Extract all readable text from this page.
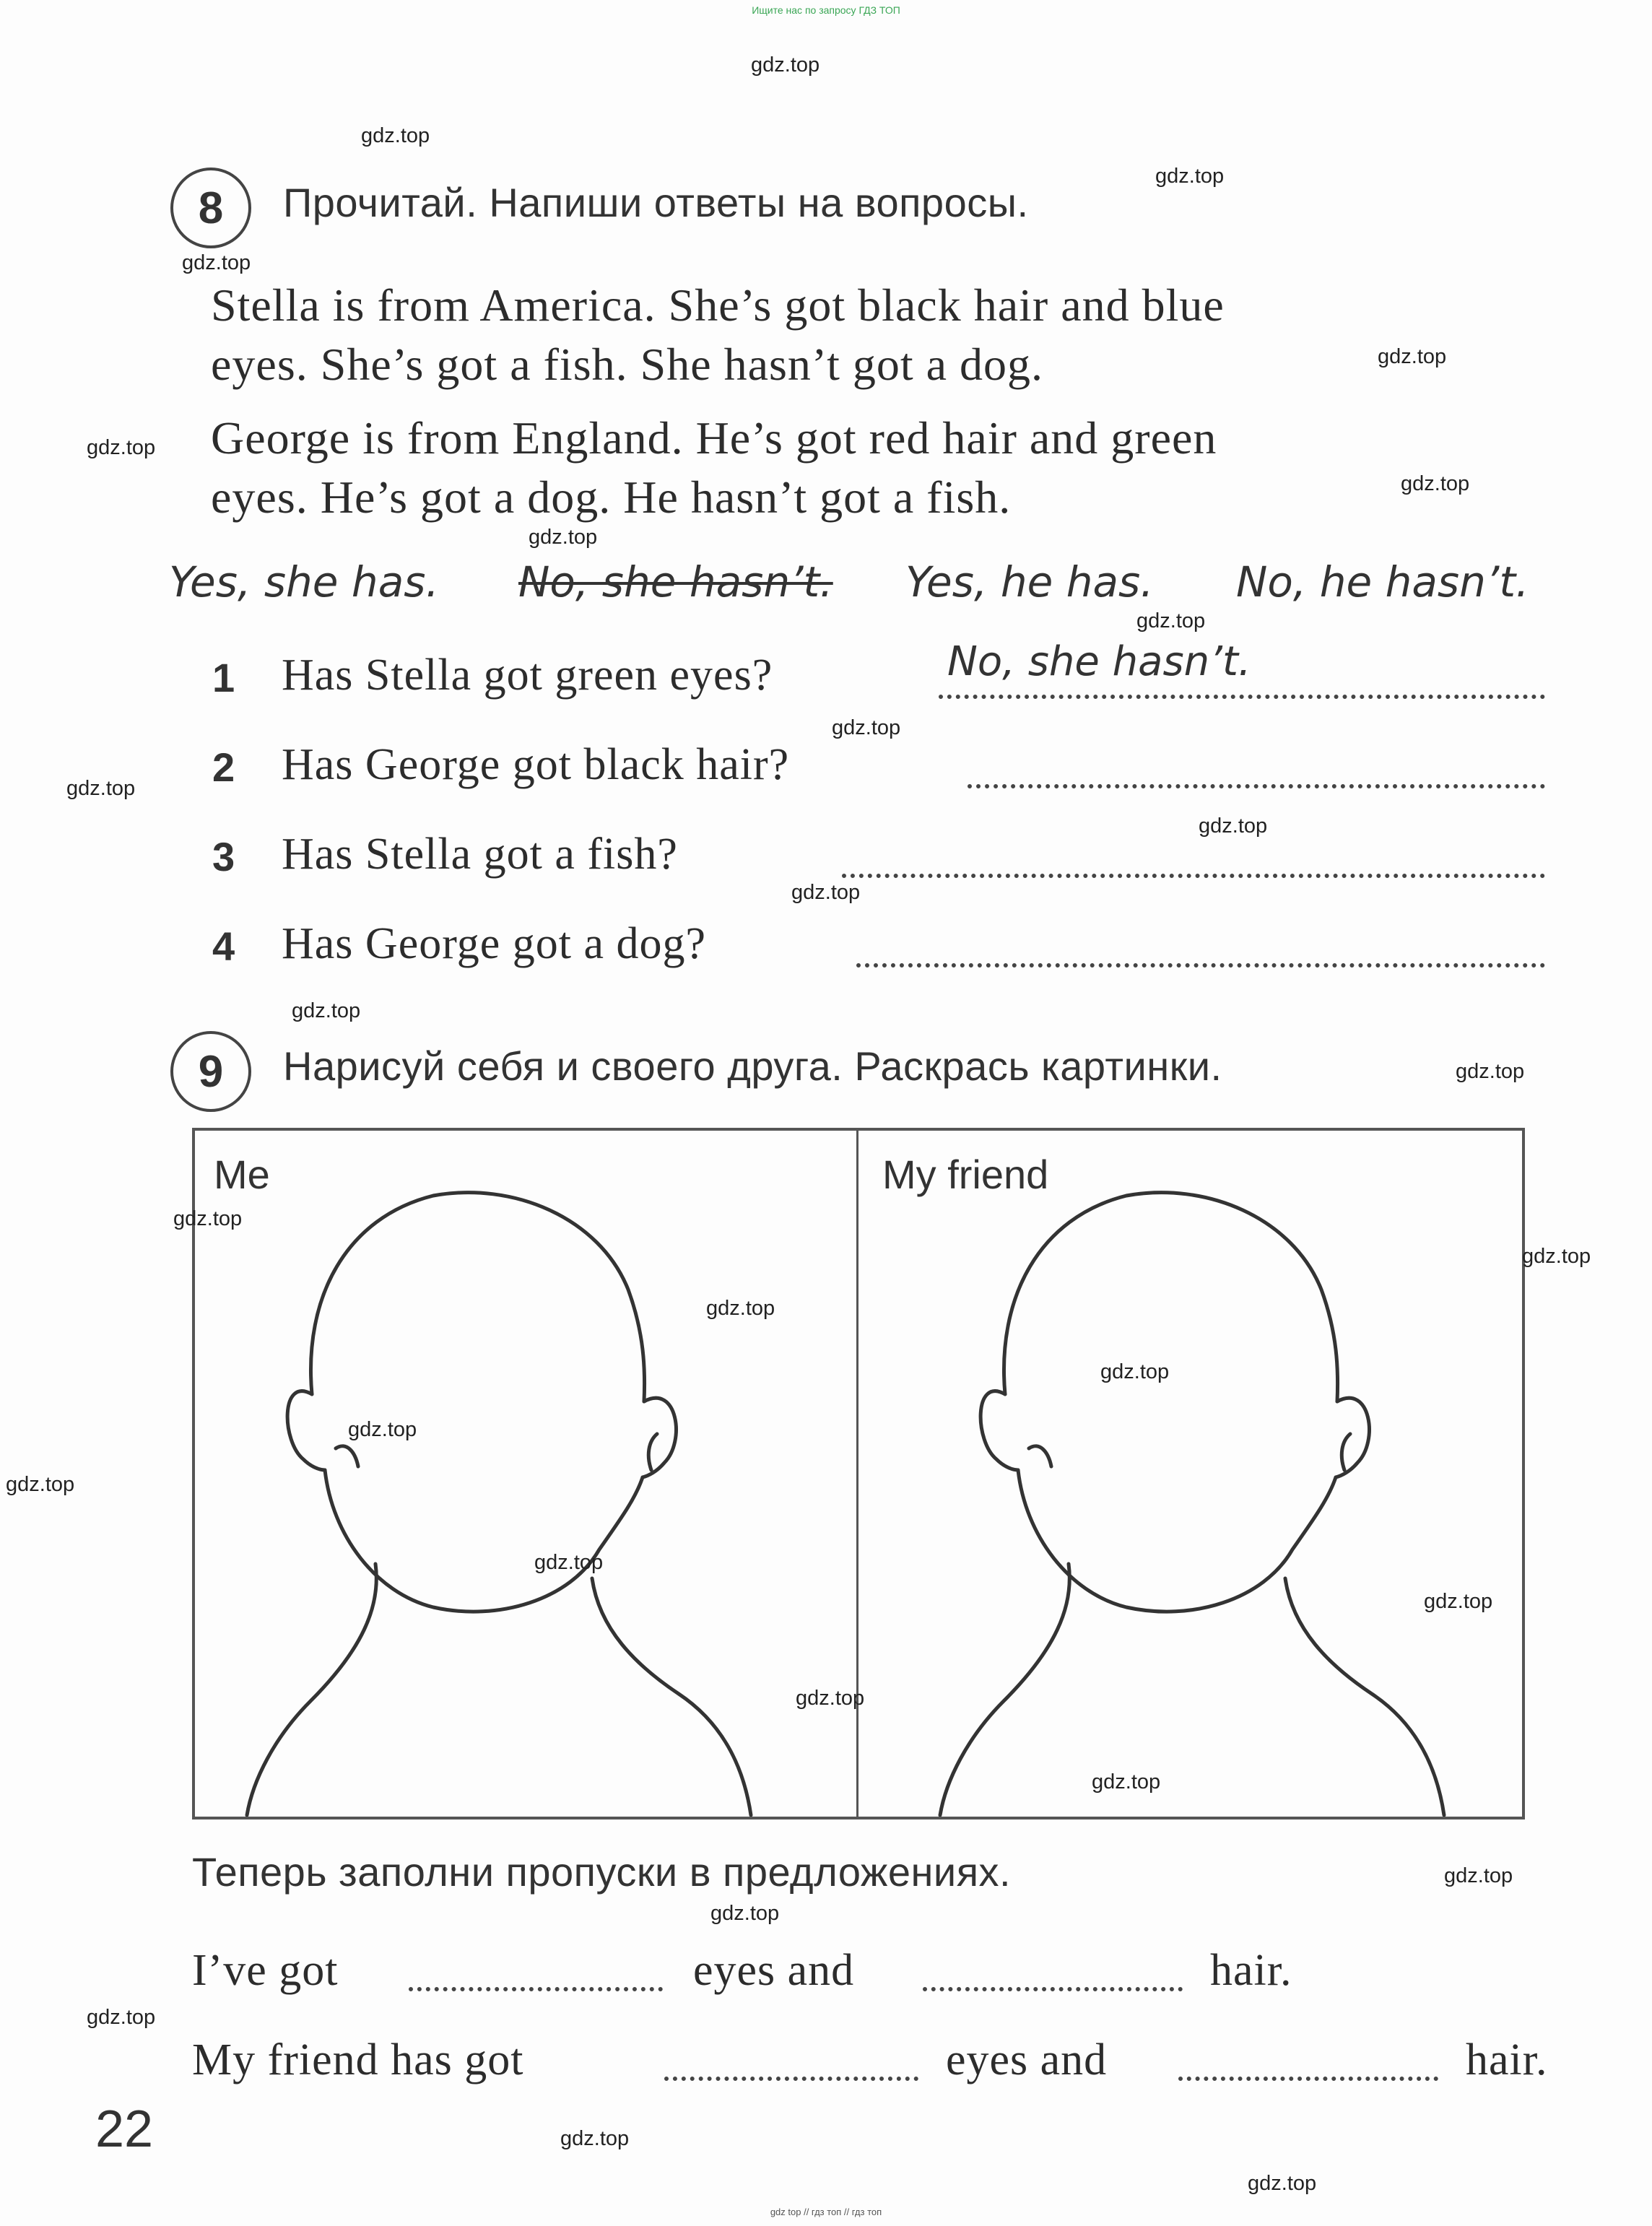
Ищите нас по запросу ГДЗ ТОП
8	Прочитай. Напиши ответы на вопросы.
Stella is from America. She’s got black hair and blue
eyes. She’s got a fish. She hasn’t got a dog.
George is from England. He’s got red hair and green
eyes. He’s got a dog. He hasn’t got a fish.
Yes, she has. No, she hasn’t. Yes, he has. No, he hasn’t.
1 Has Stella got green eyes?	No, she hasn’t.
2 Has George got black hair?
3 Has Stella got a fish?
4 Has George got a dog?
9	Нарисуй себя и своего друга. Раскрась картинки.
Me	My friend
Теперь заполни пропуски в предложениях.
I’ve got	eyes and	hair.
My friend has got	eyes and	hair.
22
gdz.top
gdz.top
gdz.top
gdz.top
gdz.top
gdz.top
gdz.top
gdz.top
gdz.top
gdz.top
gdz.top
gdz.top
gdz.top
gdz.top
gdz.top
gdz.top
gdz.top
gdz.top
gdz.top
gdz.top
gdz.top
gdz.top
gdz.top
gdz.top
gdz.top
gdz.top
gdz.top
gdz.top
gdz.top
gdz.top
gdz top // гдз топ // гдз топ
